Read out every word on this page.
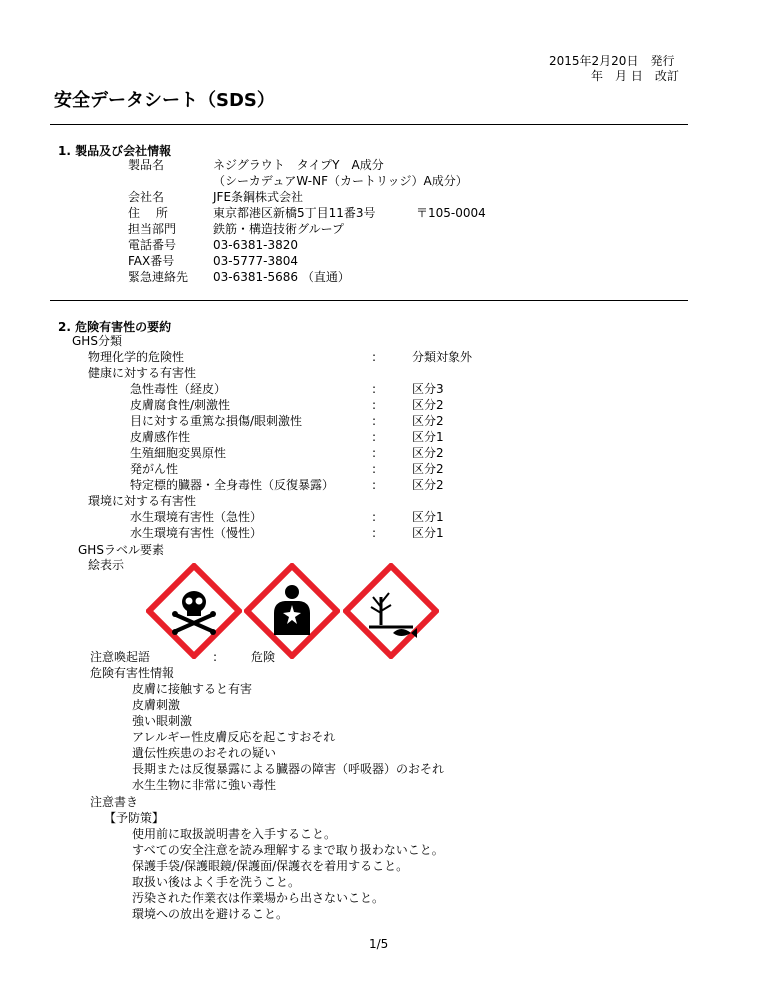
2015年2月20日　発行
年　月 日　改訂
安全データシート（SDS）
1. 製品及び会社情報
製品名

会社名
住　 所
担当部門
電話番号
FAX番号
緊急連絡先
ネジグラウト　タイプY　A成分
（シーカデュアW-NF（カートリッジ）A成分）
JFE条鋼株式会社
東京都港区新橋5丁目11番3号
鉄筋・構造技術グループ
03-6381-3820
03-5777-3804
03-6381-5686 （直通）
〒105-0004
2. 危険有害性の要約
GHS分類
物理化学的危険性
健康に対する有害性
急性毒性（経皮）
皮膚腐食性/刺激性
目に対する重篤な損傷/眼刺激性
皮膚感作性
生殖細胞変異原性
発がん性
特定標的臓器・全身毒性（反復暴露）
環境に対する有害性
水生環境有害性（急性）
水生環境有害性（慢性）
:

:
:
:
:
:
:
:

:
:
分類対象外

区分3
区分2
区分2
区分1
区分2
区分2
区分2

区分1
区分1
GHSラベル要素
絵表示
注意喚起語	:	危険
危険有害性情報
皮膚に接触すると有害
皮膚刺激
強い眼刺激
アレルギー性皮膚反応を起こすおそれ
遺伝性疾患のおそれの疑い
長期または反復暴露による臓器の障害（呼吸器）のおそれ
水生生物に非常に強い毒性
注意書き
【予防策】
使用前に取扱説明書を入手すること。
すべての安全注意を読み理解するまで取り扱わないこと。
保護手袋/保護眼鏡/保護面/保護衣を着用すること。
取扱い後はよく手を洗うこと。
汚染された作業衣は作業場から出さないこと。
環境への放出を避けること。
1/5
